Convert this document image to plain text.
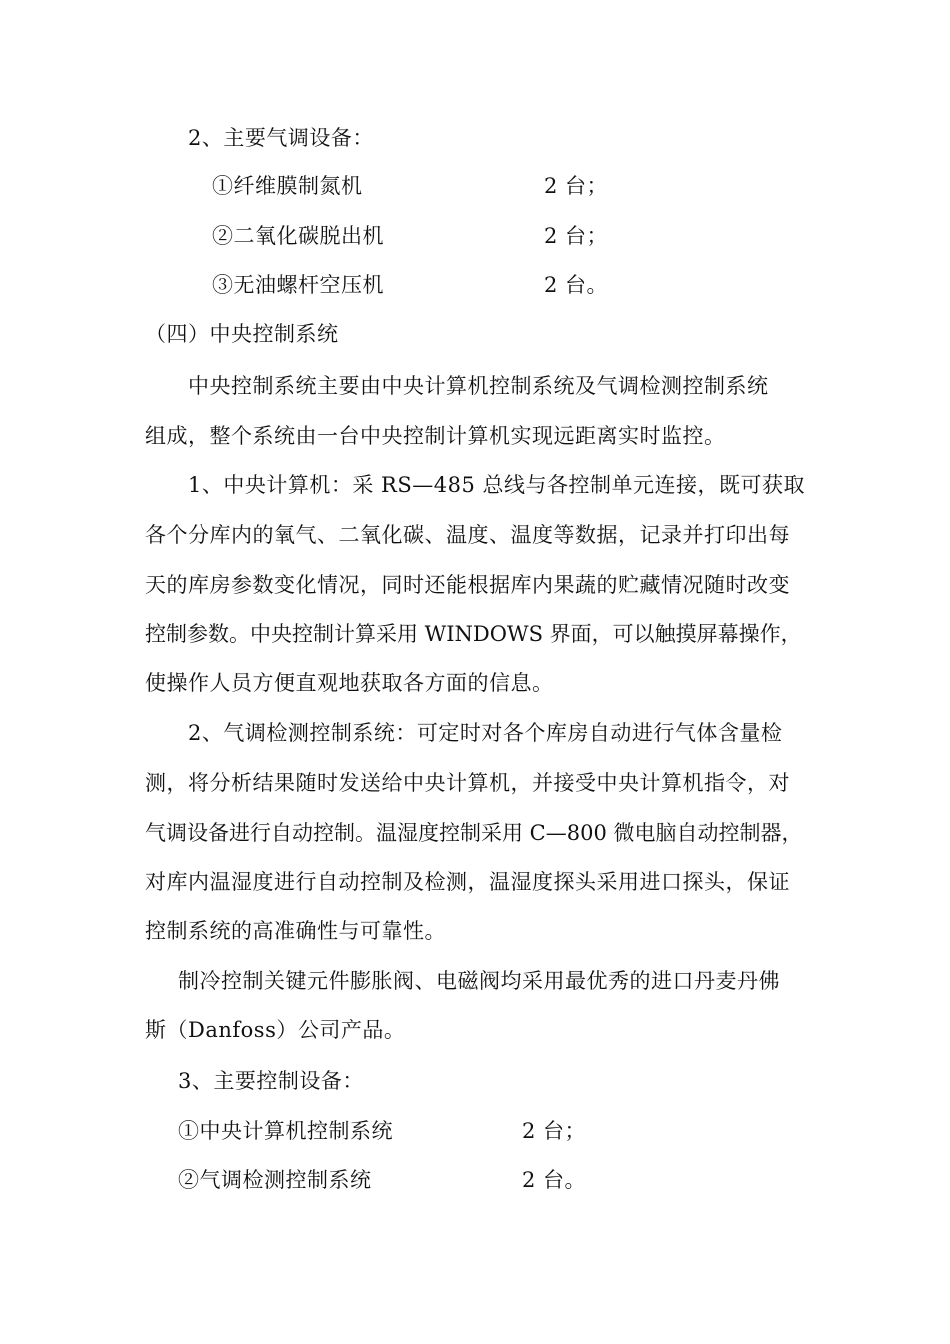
2、主要气调设备：
①纤维膜制氮机	2 台；
②二氧化碳脱出机	2 台；
③无油螺杆空压机	2 台。
（四）中央控制系统
中央控制系统主要由中央计算机控制系统及气调检测控制系统
组成，整个系统由一台中央控制计算机实现远距离实时监控。
1、中央计算机：采 RS—485 总线与各控制单元连接，既可获取
各个分库内的氧气、二氧化碳、温度、温度等数据，记录并打印出每
天的库房参数变化情况，同时还能根据库内果蔬的贮藏情况随时改变
控制参数。中央控制计算采用 WINDOWS 界面，可以触摸屏幕操作，
使操作人员方便直观地获取各方面的信息。
2、气调检测控制系统：可定时对各个库房自动进行气体含量检
测，将分析结果随时发送给中央计算机，并接受中央计算机指令，对
气调设备进行自动控制。温湿度控制采用 C—800 微电脑自动控制器，
对库内温湿度进行自动控制及检测，温湿度探头采用进口探头，保证
控制系统的高准确性与可靠性。
制冷控制关键元件膨胀阀、电磁阀均采用最优秀的进口丹麦丹佛
斯（Danfoss）公司产品。
3、主要控制设备：
①中央计算机控制系统	2 台；
②气调检测控制系统	2 台。
